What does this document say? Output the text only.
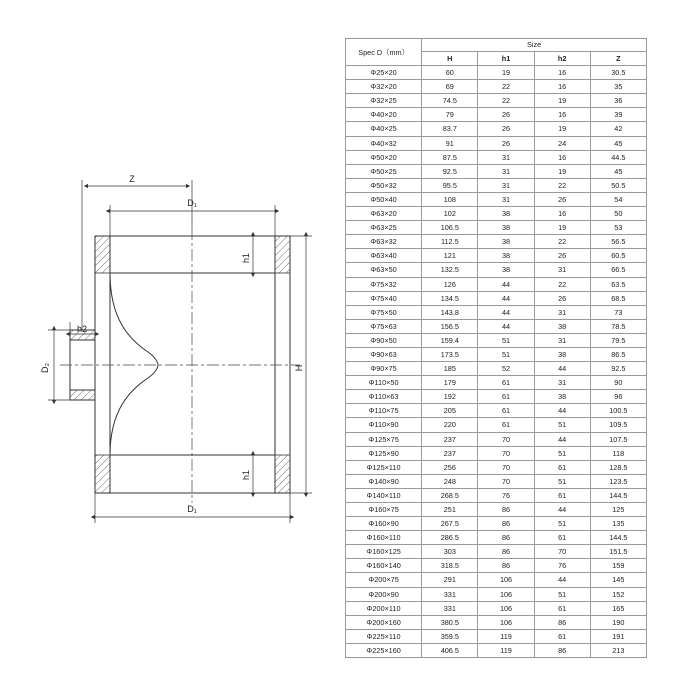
Z
D₁
D₁
D₂	H
h1
h1
h2
Spec D（mm）	Size			
	H	h1	h2	Z
Φ25×20	60	19	16	30.5
Φ32×20	69	22	16	35
Φ32×25	74.5	22	19	36
Φ40×20	79	26	16	39
Φ40×25	83.7	26	19	42
Φ40×32	91	26	24	45
Φ50×20	87.5	31	16	44.5
Φ50×25	92.5	31	19	45
Φ50×32	95.5	31	22	50.5
Φ50×40	108	31	26	54
Φ63×20	102	38	16	50
Φ63×25	106.5	38	19	53
Φ63×32	112.5	38	22	56.5
Φ63×40	121	38	26	60.5
Φ63×50	132.5	38	31	66.5
Φ75×32	126	44	22	63.5
Φ75×40	134.5	44	26	68.5
Φ75×50	143.8	44	31	73
Φ75×63	156.5	44	38	78.5
Φ90×50	159.4	51	31	79.5
Φ90×63	173.5	51	38	86.5
Φ90×75	185	52	44	92.5
Φ110×50	179	61	31	90
Φ110×63	192	61	38	96
Φ110×75	205	61	44	100.5
Φ110×90	220	61	51	109.5
Φ125×75	237	70	44	107.5
Φ125×90	237	70	51	118
Φ125×110	256	70	61	128.5
Φ140×90	248	70	51	123.5
Φ140×110	268.5	76	61	144.5
Φ160×75	251	86	44	125
Φ160×90	267.5	86	51	135
Φ160×110	286.5	86	61	144.5
Φ160×125	303	86	70	151.5
Φ160×140	318.5	86	76	159
Φ200×75	291	106	44	145
Φ200×90	331	106	51	152
Φ200×110	331	106	61	165
Φ200×160	380.5	106	86	190
Φ225×110	359.5	119	61	191
Φ225×160	406.5	119	86	213
